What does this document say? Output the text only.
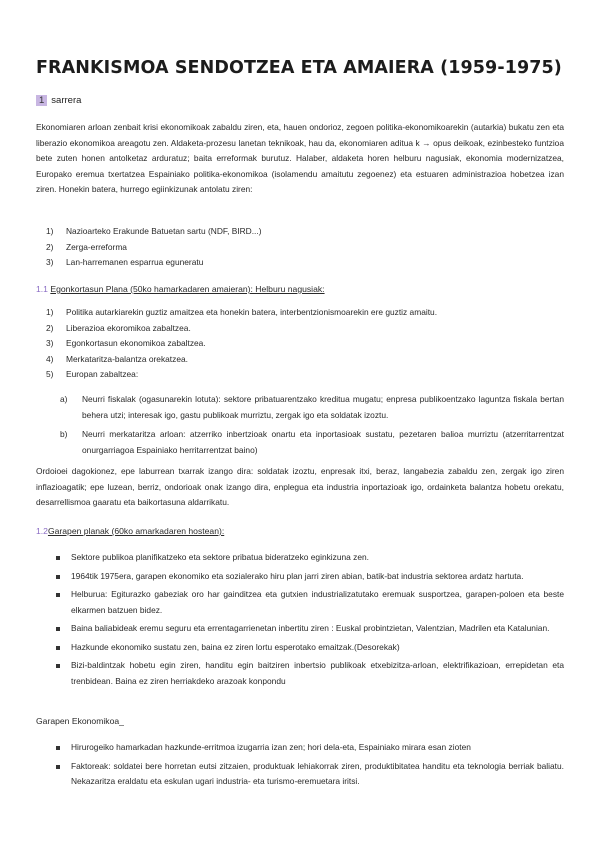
FRANKISMOA SENDOTZEA ETA AMAIERA (1959-1975)
1 sarrera
Ekonomiaren arloan zenbait krisi ekonomikoak zabaldu ziren, eta, hauen ondorioz, zegoen politika-ekonomikoarekin (autarkia) bukatu zen eta liberazio ekonomikoa areagotu zen. Aldaketa-prozesu lanetan teknikoak, hau da, ekonomiaren aditua k → opus deikoak, ezinbesteko funtzioa bete zuten honen antolketaz arduratuz; baita erreformak burutuz. Halaber, aldaketa horen helburu nagusiak, ekonomia modernizatzea, Europako eremua txertatzea Espainiako politika-ekonomikoa (isolamendu amaitutu zegoenez) eta estuaren administrazioa hobetzea izan ziren. Honekin batera, hurrego egiinkizunak antolatu ziren:
1)	Nazioarteko Erakunde Batuetan sartu (NDF, BIRD...)
2)	Zerga-erreforma
3)	Lan-harremanen esparrua eguneratu
1.1 Egonkortasun Plana (50ko hamarkadaren amaieran): Helburu nagusiak:
1)	Politika autarkiarekin guztiz amaitzea eta honekin batera, interbentzionismoarekin ere guztiz amaitu.
2)	Liberazioa ekoromikoa zabaltzea.
3)	Egonkortasun ekonomikoa zabaltzea.
4)	Merkataritza-balantza orekatzea.
5)	Europan zabaltzea:
a)	Neurri fiskalak (ogasunarekin lotuta): sektore pribatuarentzako kreditua mugatu; enpresa publikoentzako laguntza fiskala bertan behera utzi; interesak igo, gastu publikoak murriztu, zergak igo eta soldatak izoztu.
b)	Neurri merkataritza arloan: atzerriko inbertzioak onartu eta inportasioak sustatu, pezetaren balioa murriztu (atzerritarrentzat onurgarriagoa Espainiako herritarrentzat baino)
Ordoioei dagokionez, epe laburrean txarrak izango dira: soldatak izoztu, enpresak itxi, beraz, langabezia zabaldu zen, zergak igo ziren inflazioagatik; epe luzean, berriz, ondorioak onak izango dira, enplegua eta industria inportazioak igo, ordainketa balantza hobetu orekatu, desarrellismoa gaaratu eta baikortasuna aldarrikatu.
1.2Garapen planak (60ko amarkadaren hostean):
Sektore publikoa planifikatzeko eta sektore pribatua bideratzeko eginkizuna zen.
1964tik 1975era, garapen ekonomiko eta sozialerako hiru plan jarri ziren abian, batik-bat industria sektorea ardatz hartuta.
Helburua: Egiturazko gabeziak oro har gainditzea eta gutxien industrializatutako eremuak susportzea, garapen-poloen eta beste elkarmen batzuen bidez.
Baina baliabideak eremu seguru eta errentagarrienetan inbertitu ziren : Euskal probintzietan, Valentzian, Madrilen eta Katalunian.
Hazkunde ekonomiko sustatu zen, baina ez ziren lortu esperotako emaitzak.(Desorekak)
Bizi-baldintzak hobetu egin ziren, handitu egin baitziren inbertsio publikoak etxebizitza-arloan, elektrifikazioan, errepidetan eta trenbidean. Baina ez ziren herriakdeko arazoak konpondu
Garapen Ekonomikoa_
Hirurogeiko hamarkadan hazkunde-erritmoa izugarria izan zen; hori dela-eta, Espainiako mirara esan zioten
Faktoreak: soldatei bere horretan eutsi zitzaien, produktuak lehiakorrak ziren, produktibitatea handitu eta teknologia berriak baliatu. Nekazaritza eraldatu eta eskulan ugari industria- eta turismo-eremuetara iritsi.
